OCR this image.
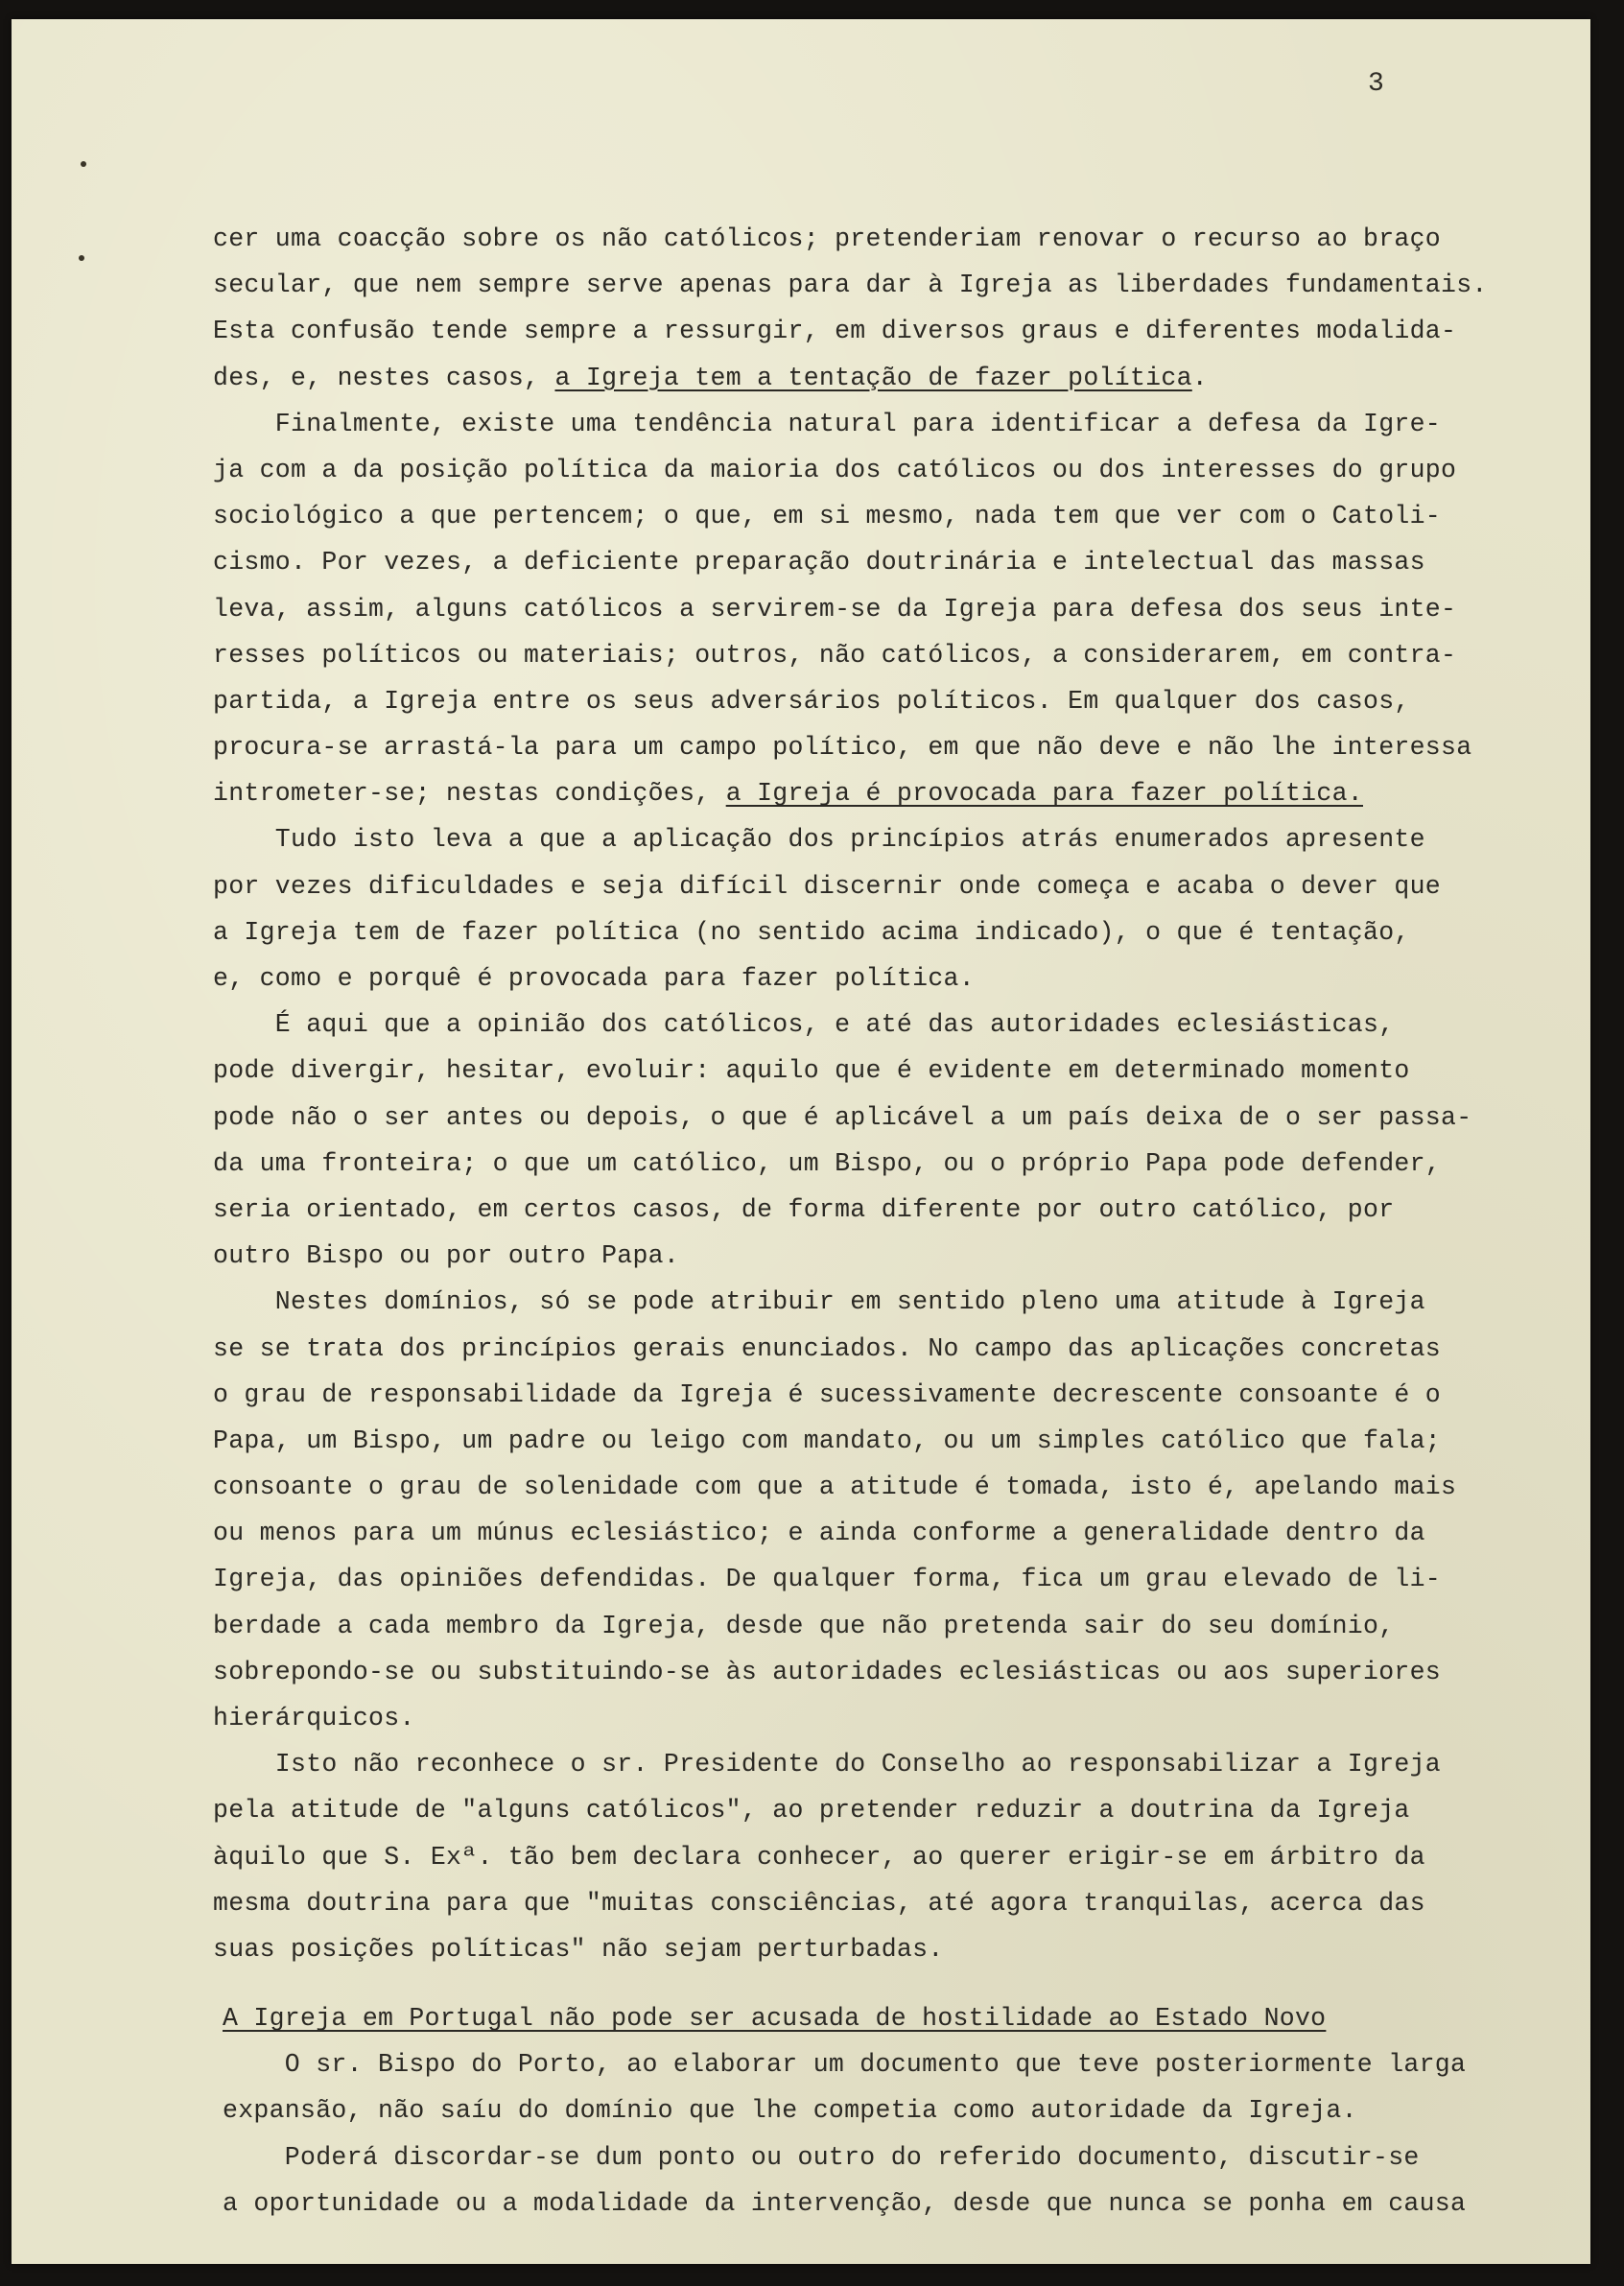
3
cer uma coacção sobre os não católicos; pretenderiam renovar o recurso ao braço
secular, que nem sempre serve apenas para dar à Igreja as liberdades fundamentais.
Esta confusão tende sempre a ressurgir, em diversos graus e diferentes modalida-
des, e, nestes casos, a Igreja tem a tentação de fazer política.
Finalmente, existe uma tendência natural para identificar a defesa da Igre-
ja com a da posição política da maioria dos católicos ou dos interesses do grupo
sociológico a que pertencem; o que, em si mesmo, nada tem que ver com o Catoli-
cismo. Por vezes, a deficiente preparação doutrinária e intelectual das massas
leva, assim, alguns católicos a servirem-se da Igreja para defesa dos seus inte-
resses políticos ou materiais; outros, não católicos, a considerarem, em contra-
partida, a Igreja entre os seus adversários políticos. Em qualquer dos casos,
procura-se arrastá-la para um campo político, em que não deve e não lhe interessa
intrometer-se; nestas condições, a Igreja é provocada para fazer política.
Tudo isto leva a que a aplicação dos princípios atrás enumerados apresente
por vezes dificuldades e seja difícil discernir onde começa e acaba o dever que
a Igreja tem de fazer política (no sentido acima indicado), o que é tentação,
e, como e porquê é provocada para fazer política.
É aqui que a opinião dos católicos, e até das autoridades eclesiásticas,
pode divergir, hesitar, evoluir: aquilo que é evidente em determinado momento
pode não o ser antes ou depois, o que é aplicável a um país deixa de o ser passa-
da uma fronteira; o que um católico, um Bispo, ou o próprio Papa pode defender,
seria orientado, em certos casos, de forma diferente por outro católico, por
outro Bispo ou por outro Papa.
Nestes domínios, só se pode atribuir em sentido pleno uma atitude à Igreja
se se trata dos princípios gerais enunciados. No campo das aplicações concretas
o grau de responsabilidade da Igreja é sucessivamente decrescente consoante é o
Papa, um Bispo, um padre ou leigo com mandato, ou um simples católico que fala;
consoante o grau de solenidade com que a atitude é tomada, isto é, apelando mais
ou menos para um múnus eclesiástico; e ainda conforme a generalidade dentro da
Igreja, das opiniões defendidas. De qualquer forma, fica um grau elevado de li-
berdade a cada membro da Igreja, desde que não pretenda sair do seu domínio,
sobrepondo-se ou substituindo-se às autoridades eclesiásticas ou aos superiores
hierárquicos.
Isto não reconhece o sr. Presidente do Conselho ao responsabilizar a Igreja
pela atitude de "alguns católicos", ao pretender reduzir a doutrina da Igreja
àquilo que S. Exª. tão bem declara conhecer, ao querer erigir-se em árbitro da
mesma doutrina para que "muitas consciências, até agora tranquilas, acerca das
suas posições políticas" não sejam perturbadas.
A Igreja em Portugal não pode ser acusada de hostilidade ao Estado Novo
O sr. Bispo do Porto, ao elaborar um documento que teve posteriormente larga
expansão, não saíu do domínio que lhe competia como autoridade da Igreja.
Poderá discordar-se dum ponto ou outro do referido documento, discutir-se
a oportunidade ou a modalidade da intervenção, desde que nunca se ponha em causa
